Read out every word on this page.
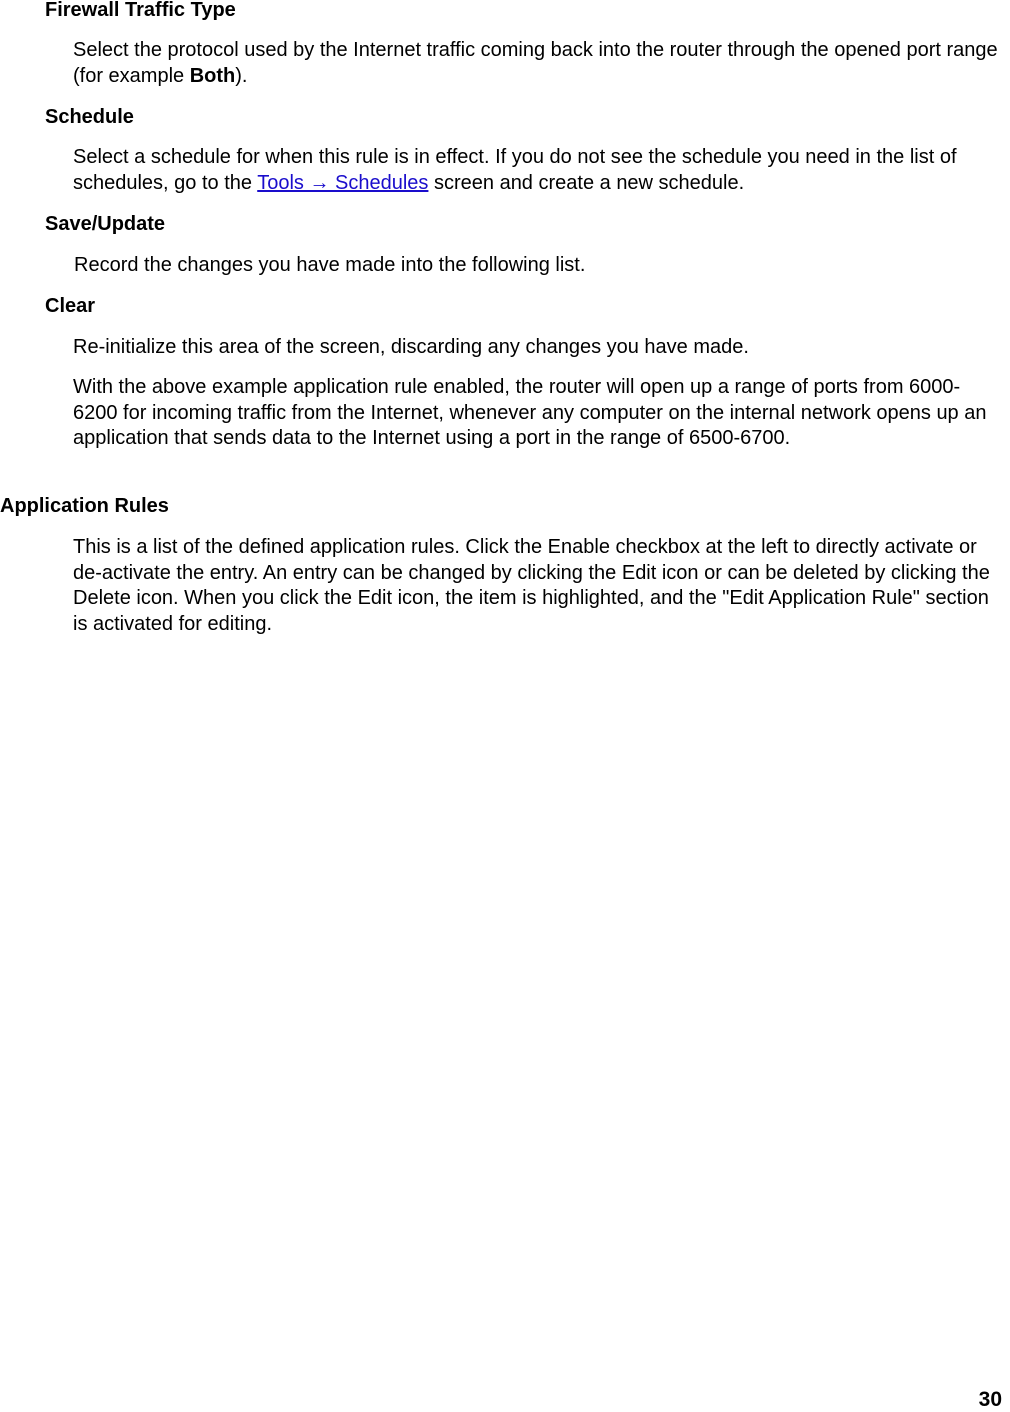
Firewall Traffic Type

Select the protocol used by the Internet traffic coming back into the router through the opened port range (for example Both).

Schedule

Select a schedule for when this rule is in effect. If you do not see the schedule you need in the list of schedules, go to the Tools → Schedules screen and create a new schedule.

Save/Update

Record the changes you have made into the following list.

Clear

Re-initialize this area of the screen, discarding any changes you have made.

With the above example application rule enabled, the router will open up a range of ports from 6000-6200 for incoming traffic from the Internet, whenever any computer on the internal network opens up an application that sends data to the Internet using a port in the range of 6500-6700.

Application Rules

This is a list of the defined application rules. Click the Enable checkbox at the left to directly activate or de-activate the entry. An entry can be changed by clicking the Edit icon or can be deleted by clicking the Delete icon. When you click the Edit icon, the item is highlighted, and the "Edit Application Rule" section is activated for editing.

30
